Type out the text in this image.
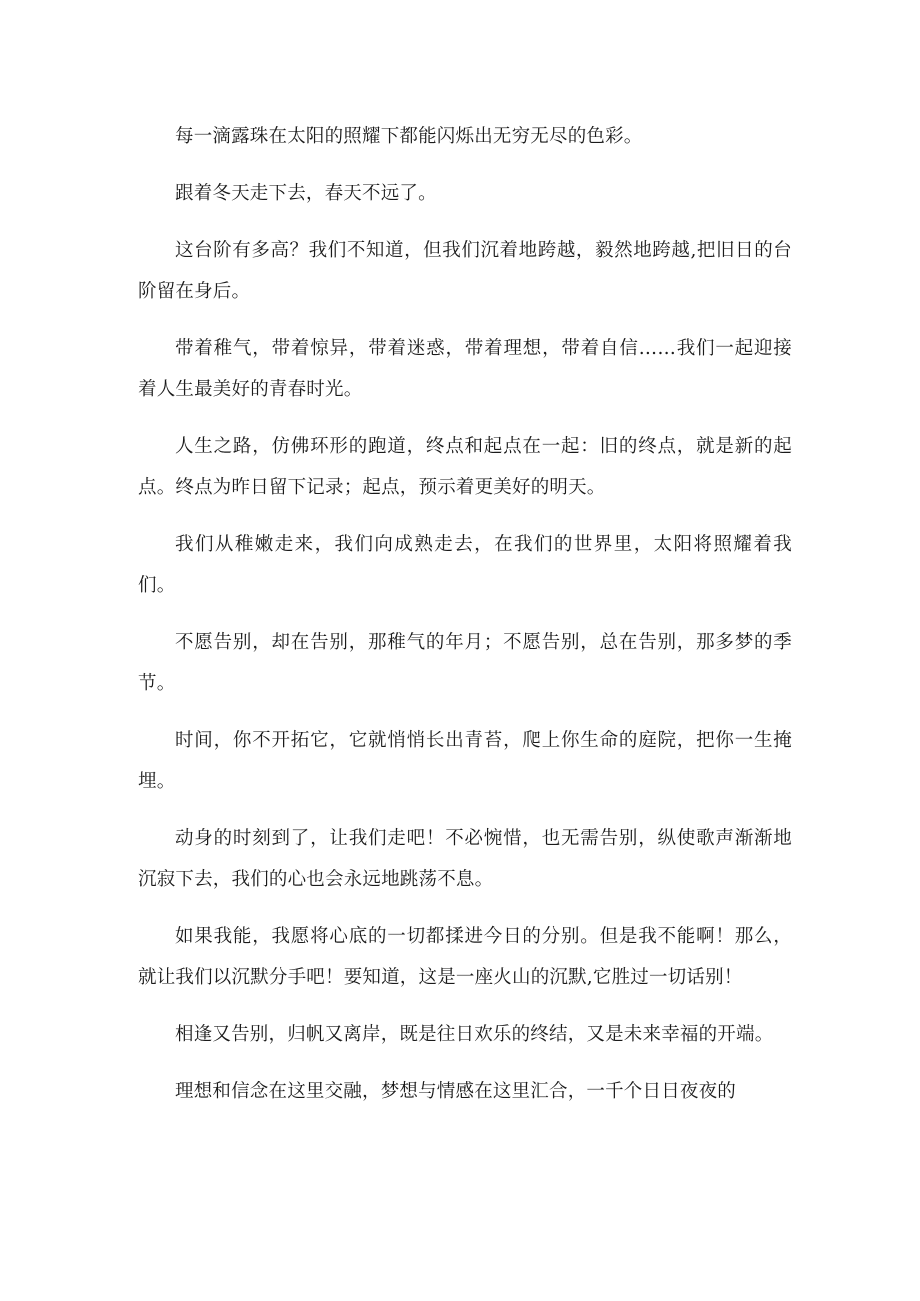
每一滴露珠在太阳的照耀下都能闪烁出无穷无尽的色彩。

跟着冬天走下去，春天不远了。

这台阶有多高？我们不知道，但我们沉着地跨越，毅然地跨越,把旧日的台阶留在身后。

带着稚气，带着惊异，带着迷惑，带着理想，带着自信……我们一起迎接着人生最美好的青春时光。

人生之路，仿佛环形的跑道，终点和起点在一起：旧的终点，就是新的起点。终点为昨日留下记录；起点，预示着更美好的明天。

我们从稚嫩走来，我们向成熟走去，在我们的世界里，太阳将照耀着我们。

不愿告别，却在告别，那稚气的年月；不愿告别，总在告别，那多梦的季节。

时间，你不开拓它，它就悄悄长出青苔，爬上你生命的庭院，把你一生掩埋。

动身的时刻到了，让我们走吧！不必惋惜，也无需告别，纵使歌声渐渐地沉寂下去，我们的心也会永远地跳荡不息。

如果我能，我愿将心底的一切都揉进今日的分别。但是我不能啊！那么，就让我们以沉默分手吧！要知道，这是一座火山的沉默,它胜过一切话别！

相逢又告别，归帆又离岸，既是往日欢乐的终结，又是未来幸福的开端。

理想和信念在这里交融，梦想与情感在这里汇合，一千个日日夜夜的
